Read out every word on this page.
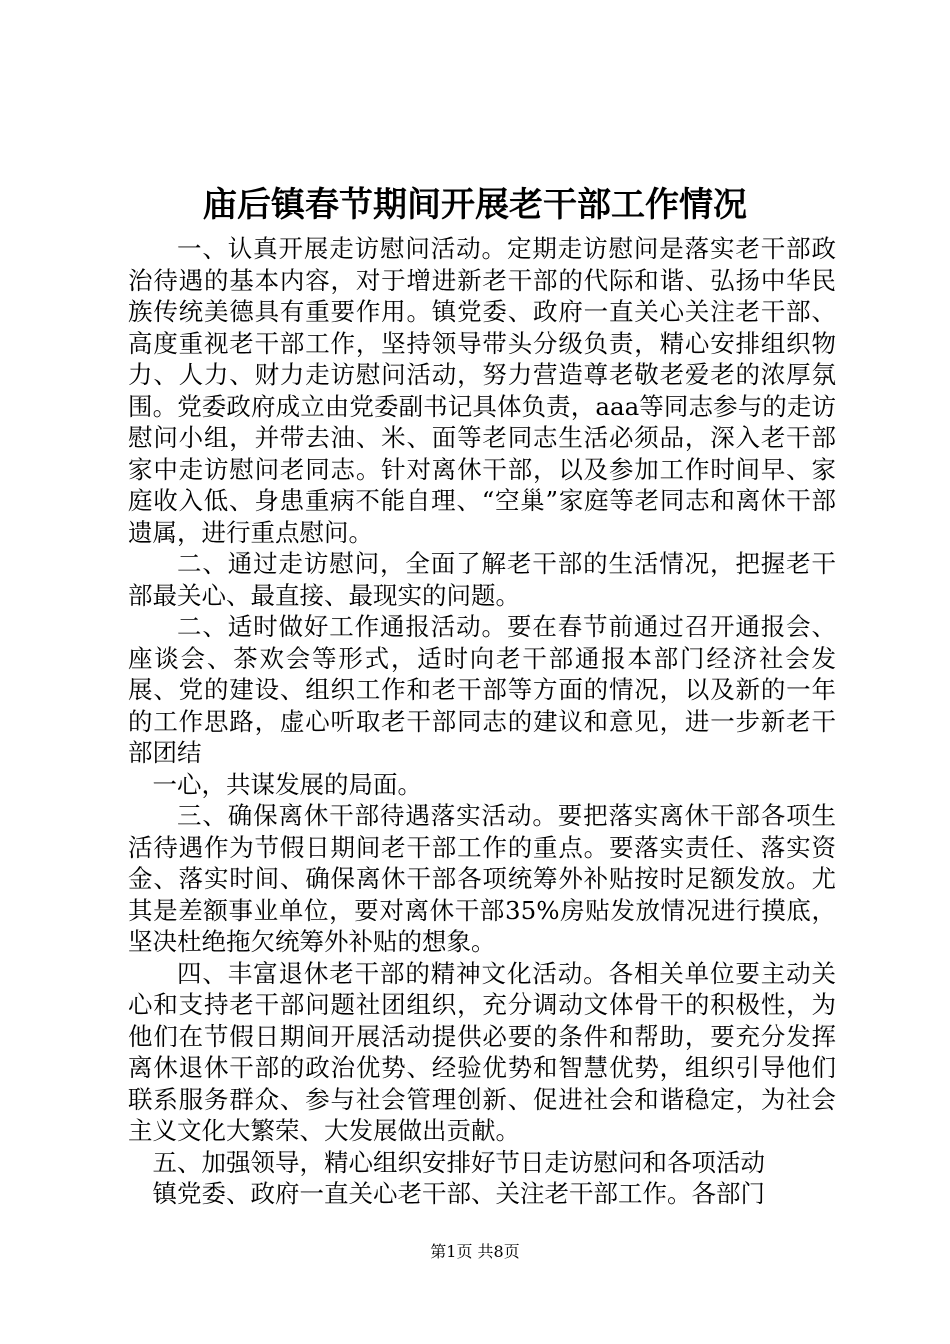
庙后镇春节期间开展老干部工作情况

一、认真开展走访慰问活动。定期走访慰问是落实老干部政治待遇的基本内容，对于增进新老干部的代际和谐、弘扬中华民族传统美德具有重要作用。镇党委、政府一直关心关注老干部、高度重视老干部工作，坚持领导带头分级负责，精心安排组织物力、人力、财力走访慰问活动，努力营造尊老敬老爱老的浓厚氛围。党委政府成立由党委副书记具体负责，aaa等同志参与的走访慰问小组，并带去油、米、面等老同志生活必须品，深入老干部家中走访慰问老同志。针对离休干部，以及参加工作时间早、家庭收入低、身患重病不能自理、“空巢”家庭等老同志和离休干部遗属，进行重点慰问。

二、通过走访慰问，全面了解老干部的生活情况，把握老干部最关心、最直接、最现实的问题。

二、适时做好工作通报活动。要在春节前通过召开通报会、座谈会、茶欢会等形式，适时向老干部通报本部门经济社会发展、党的建设、组织工作和老干部等方面的情况，以及新的一年的工作思路，虚心听取老干部同志的建议和意见，进一步新老干部团结

一心，共谋发展的局面。

三、确保离休干部待遇落实活动。要把落实离休干部各项生活待遇作为节假日期间老干部工作的重点。要落实责任、落实资金、落实时间、确保离休干部各项统筹外补贴按时足额发放。尤其是差额事业单位，要对离休干部35%房贴发放情况进行摸底，坚决杜绝拖欠统筹外补贴的想象。

四、丰富退休老干部的精神文化活动。各相关单位要主动关心和支持老干部问题社团组织，充分调动文体骨干的积极性，为他们在节假日期间开展活动提供必要的条件和帮助，要充分发挥离休退休干部的政治优势、经验优势和智慧优势，组织引导他们联系服务群众、参与社会管理创新、促进社会和谐稳定，为社会主义文化大繁荣、大发展做出贡献。

五、加强领导，精心组织安排好节日走访慰问和各项活动

镇党委、政府一直关心老干部、关注老干部工作。各部门

第1页 共8页
